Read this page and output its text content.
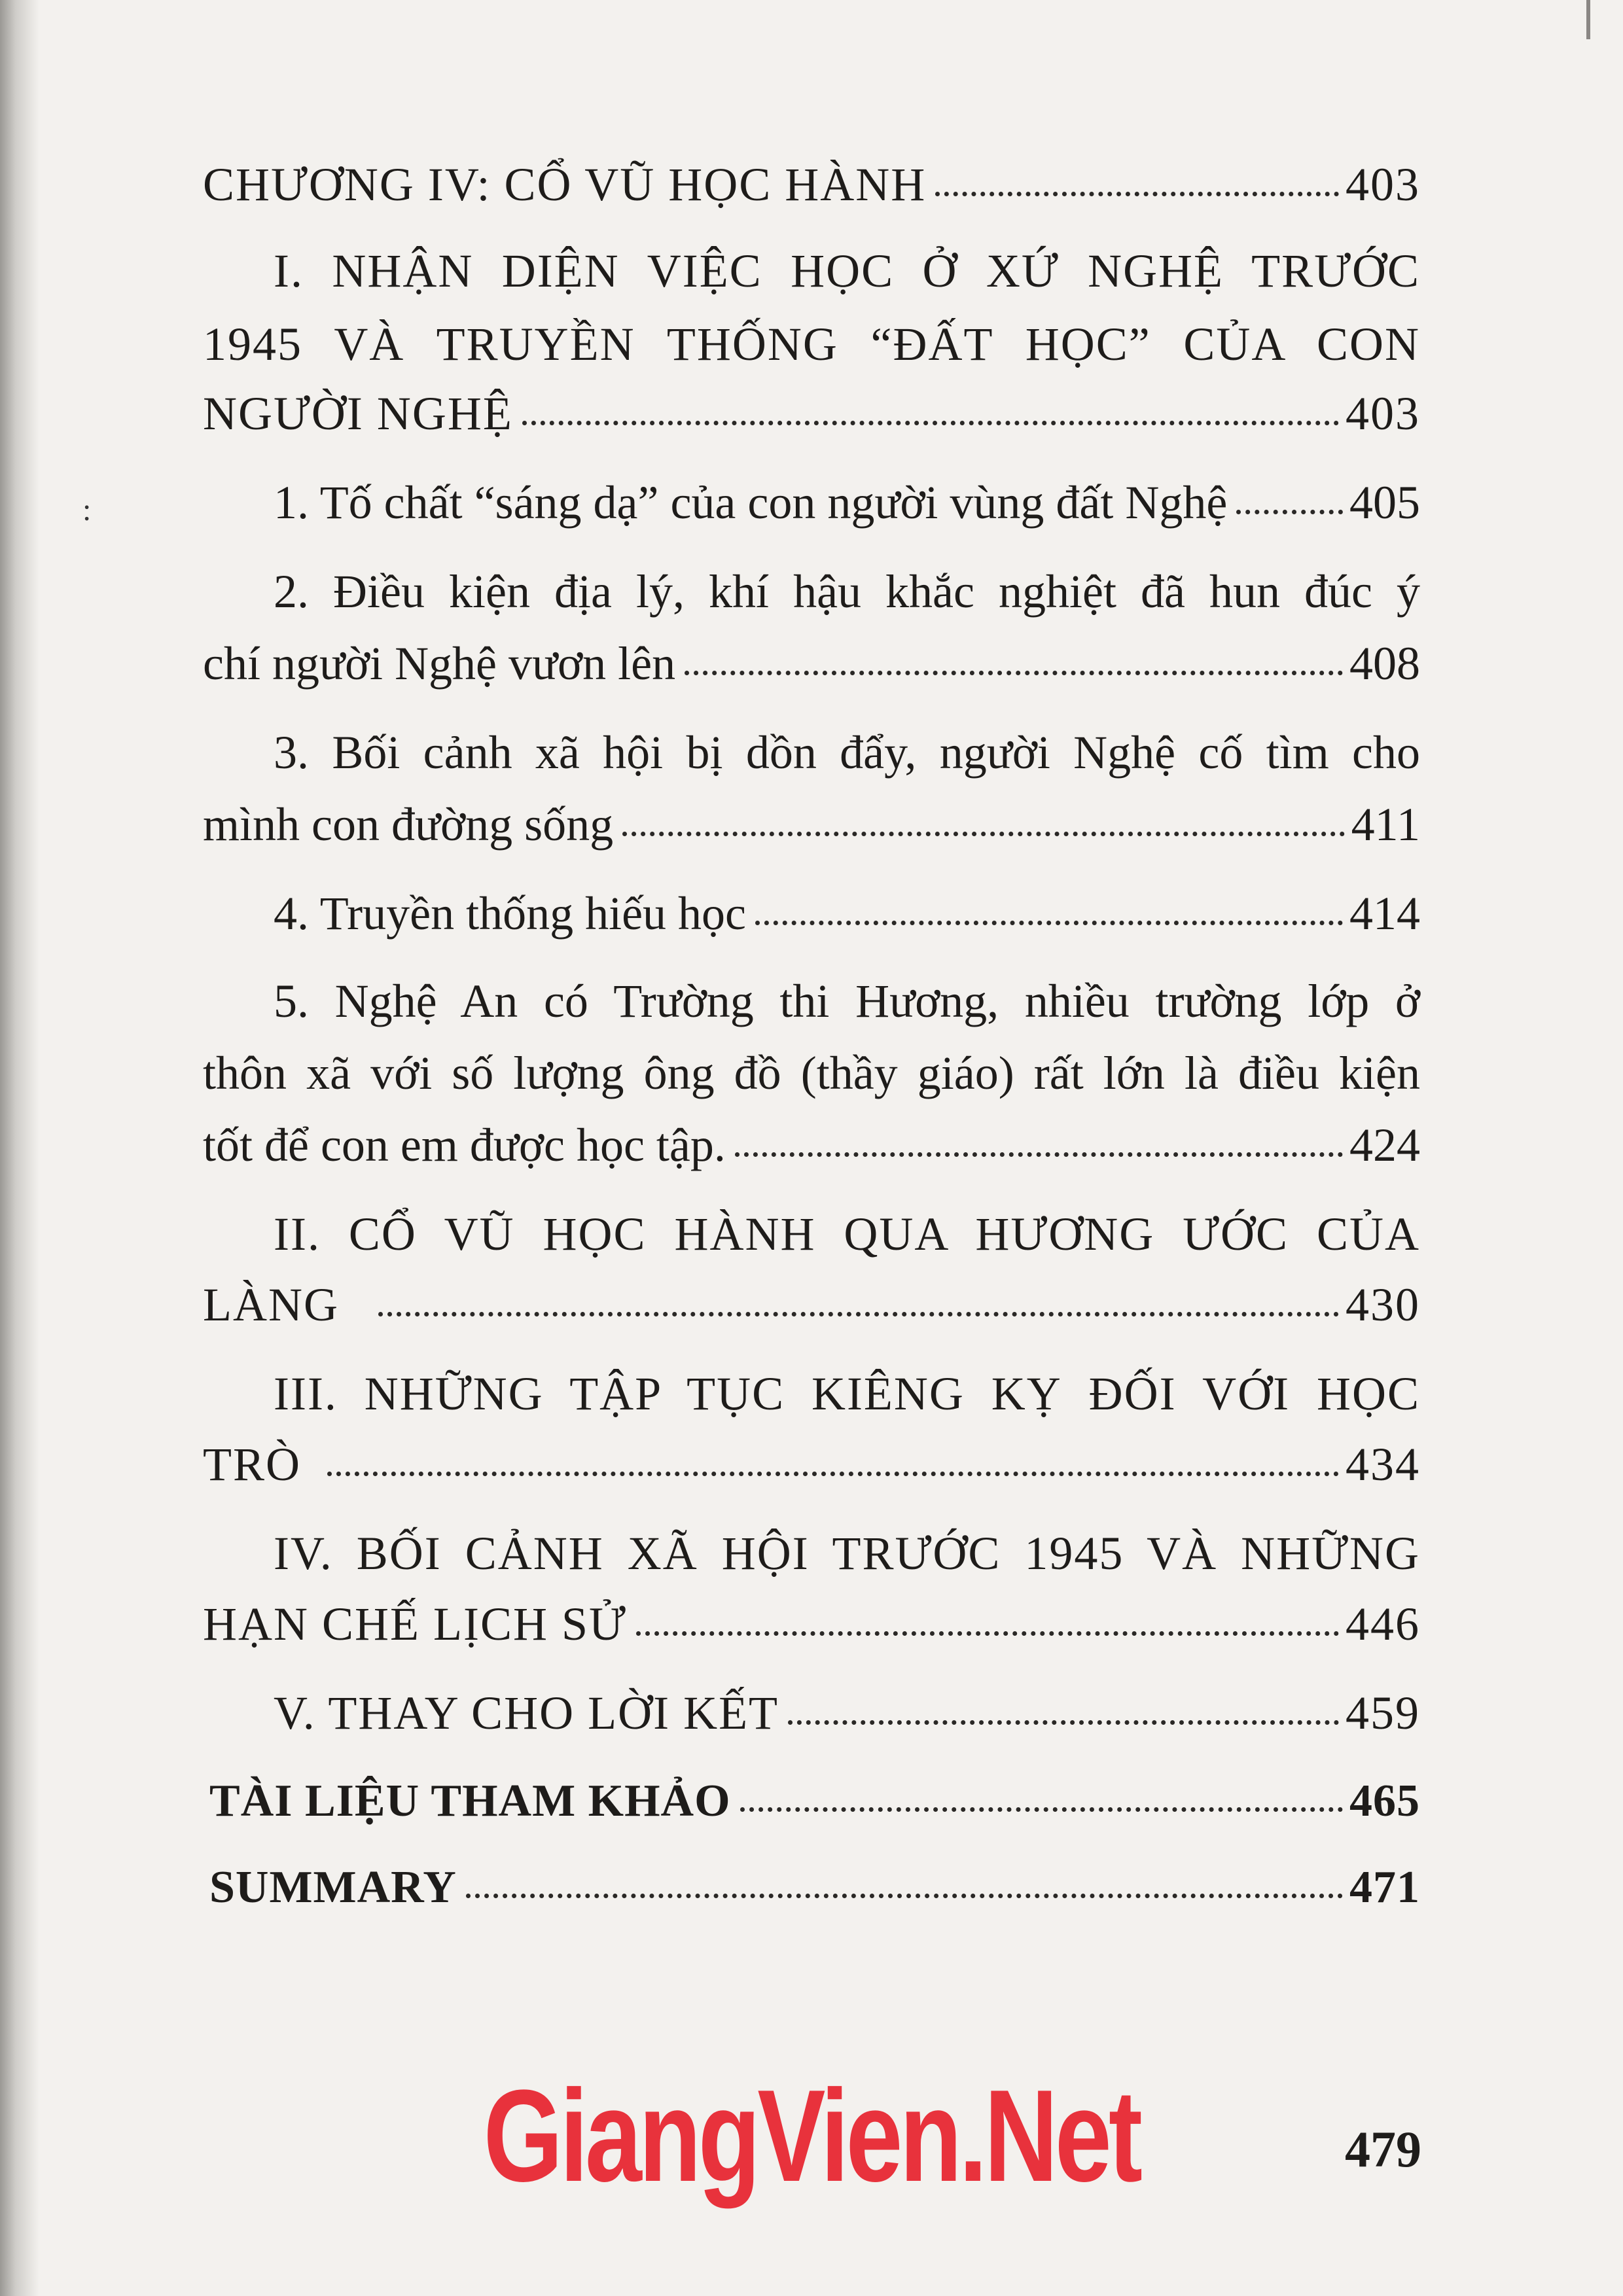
:
CHƯƠNG IV: CỔ VŨ HỌC HÀNH	403
I. NHẬN DIỆN VIỆC HỌC Ở XỨ NGHỆ TRƯỚC
1945 VÀ TRUYỀN THỐNG “ĐẤT HỌC” CỦA CON
NGƯỜI NGHỆ	403
1. Tố chất “sáng dạ” của con người vùng đất Nghệ	405
2. Điều kiện địa lý, khí hậu khắc nghiệt đã hun đúc ý
chí người Nghệ vươn lên	408
3. Bối cảnh xã hội bị dồn đẩy, người Nghệ cố tìm cho
mình con đường sống	411
4. Truyền thống hiếu học	414
5. Nghệ An có Trường thi Hương, nhiều trường lớp ở
thôn xã với số lượng ông đồ (thầy giáo) rất lớn là điều kiện
tốt để con em được học tập.	424
II. CỔ VŨ HỌC HÀNH QUA HƯƠNG ƯỚC CỦA
LÀNG	430
III. NHỮNG TẬP TỤC KIÊNG KỴ ĐỐI VỚI HỌC
TRÒ	434
IV. BỐI CẢNH XÃ HỘI TRƯỚC 1945 VÀ NHỮNG
HẠN CHẾ LỊCH SỬ	446
V. THAY CHO LỜI KẾT	459
TÀI LIỆU THAM KHẢO	465
SUMMARY	471
GiangVien.Net	479
